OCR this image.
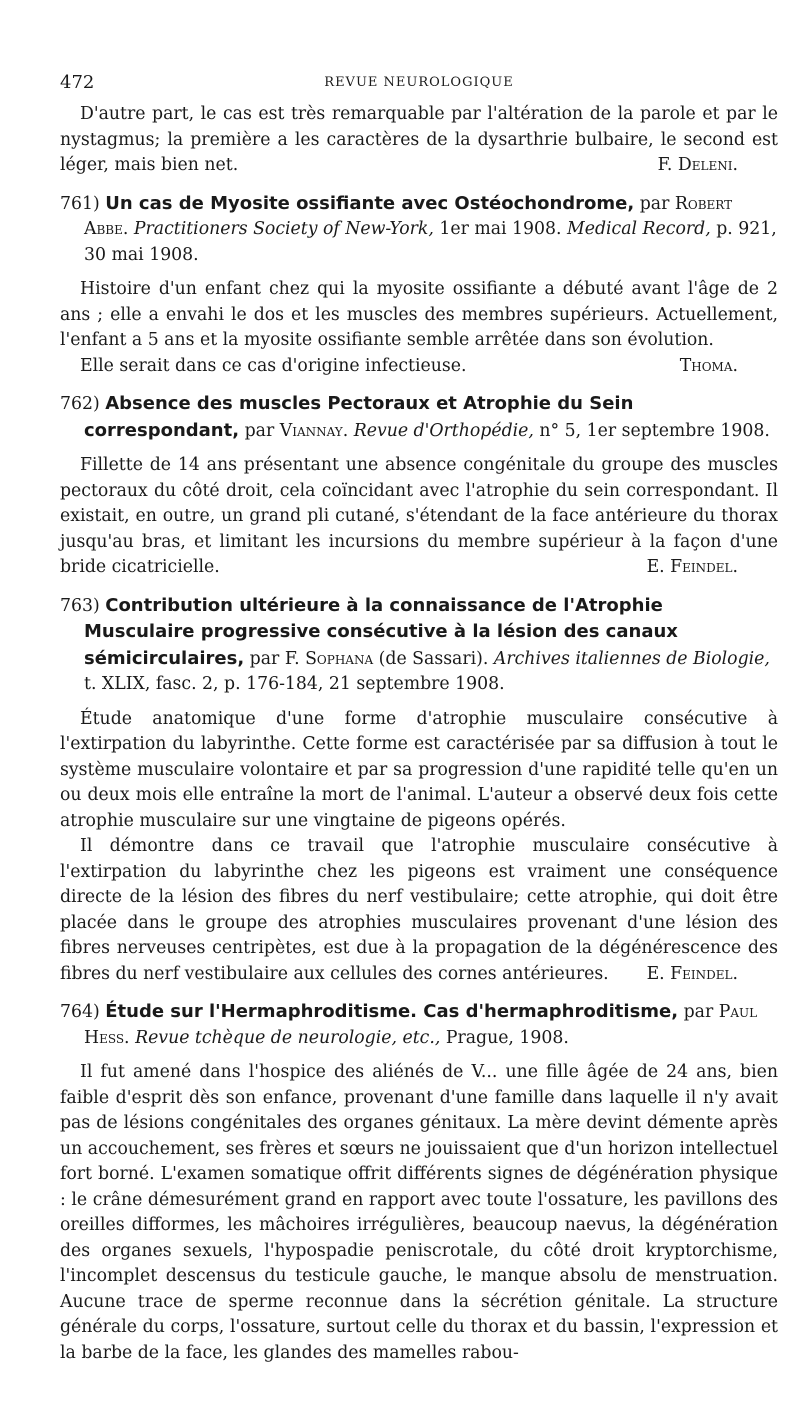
472	REVUE NEUROLOGIQUE

D'autre part, le cas est très remarquable par l'altération de la parole et par le nystagmus; la première a les caractères de la dysarthrie bulbaire, le second est léger, mais bien net.	F. Deleni.

761) Un cas de Myosite ossifiante avec Ostéochondrome, par Robert Abbe. Practitioners Society of New-York, 1er mai 1908. Medical Record, p. 921, 30 mai 1908.

Histoire d'un enfant chez qui la myosite ossifiante a débuté avant l'âge de 2 ans ; elle a envahi le dos et les muscles des membres supérieurs. Actuellement, l'enfant a 5 ans et la myosite ossifiante semble arrêtée dans son évolution.

Elle serait dans ce cas d'origine infectieuse.	Thoma.

762) Absence des muscles Pectoraux et Atrophie du Sein correspondant, par Viannay. Revue d'Orthopédie, n° 5, 1er septembre 1908.

Fillette de 14 ans présentant une absence congénitale du groupe des muscles pectoraux du côté droit, cela coïncidant avec l'atrophie du sein correspondant. Il existait, en outre, un grand pli cutané, s'étendant de la face antérieure du thorax jusqu'au bras, et limitant les incursions du membre supérieur à la façon d'une bride cicatricielle.	E. Feindel.

763) Contribution ultérieure à la connaissance de l'Atrophie Musculaire progressive consécutive à la lésion des canaux sémicirculaires, par F. Sophana (de Sassari). Archives italiennes de Biologie, t. XLIX, fasc. 2, p. 176-184, 21 septembre 1908.

Étude anatomique d'une forme d'atrophie musculaire consécutive à l'extirpation du labyrinthe. Cette forme est caractérisée par sa diffusion à tout le système musculaire volontaire et par sa progression d'une rapidité telle qu'en un ou deux mois elle entraîne la mort de l'animal. L'auteur a observé deux fois cette atrophie musculaire sur une vingtaine de pigeons opérés.

Il démontre dans ce travail que l'atrophie musculaire consécutive à l'extirpation du labyrinthe chez les pigeons est vraiment une conséquence directe de la lésion des fibres du nerf vestibulaire; cette atrophie, qui doit être placée dans le groupe des atrophies musculaires provenant d'une lésion des fibres nerveuses centripètes, est due à la propagation de la dégénérescence des fibres du nerf vestibulaire aux cellules des cornes antérieures.	E. Feindel.

764) Étude sur l'Hermaphroditisme. Cas d'hermaphroditisme, par Paul Hess. Revue tchèque de neurologie, etc., Prague, 1908.

Il fut amené dans l'hospice des aliénés de V... une fille âgée de 24 ans, bien faible d'esprit dès son enfance, provenant d'une famille dans laquelle il n'y avait pas de lésions congénitales des organes génitaux. La mère devint démente après un accouchement, ses frères et sœurs ne jouissaient que d'un horizon intellectuel fort borné. L'examen somatique offrit différents signes de dégénération physique : le crâne démesurément grand en rapport avec toute l'ossature, les pavillons des oreilles difformes, les mâchoires irrégulières, beaucoup naevus, la dégénération des organes sexuels, l'hypospadie peniscrotale, du côté droit kryptorchisme, l'incomplet descensus du testicule gauche, le manque absolu de menstruation. Aucune trace de sperme reconnue dans la sécrétion génitale. La structure générale du corps, l'ossature, surtout celle du thorax et du bassin, l'expression et la barbe de la face, les glandes des mamelles rabou-
